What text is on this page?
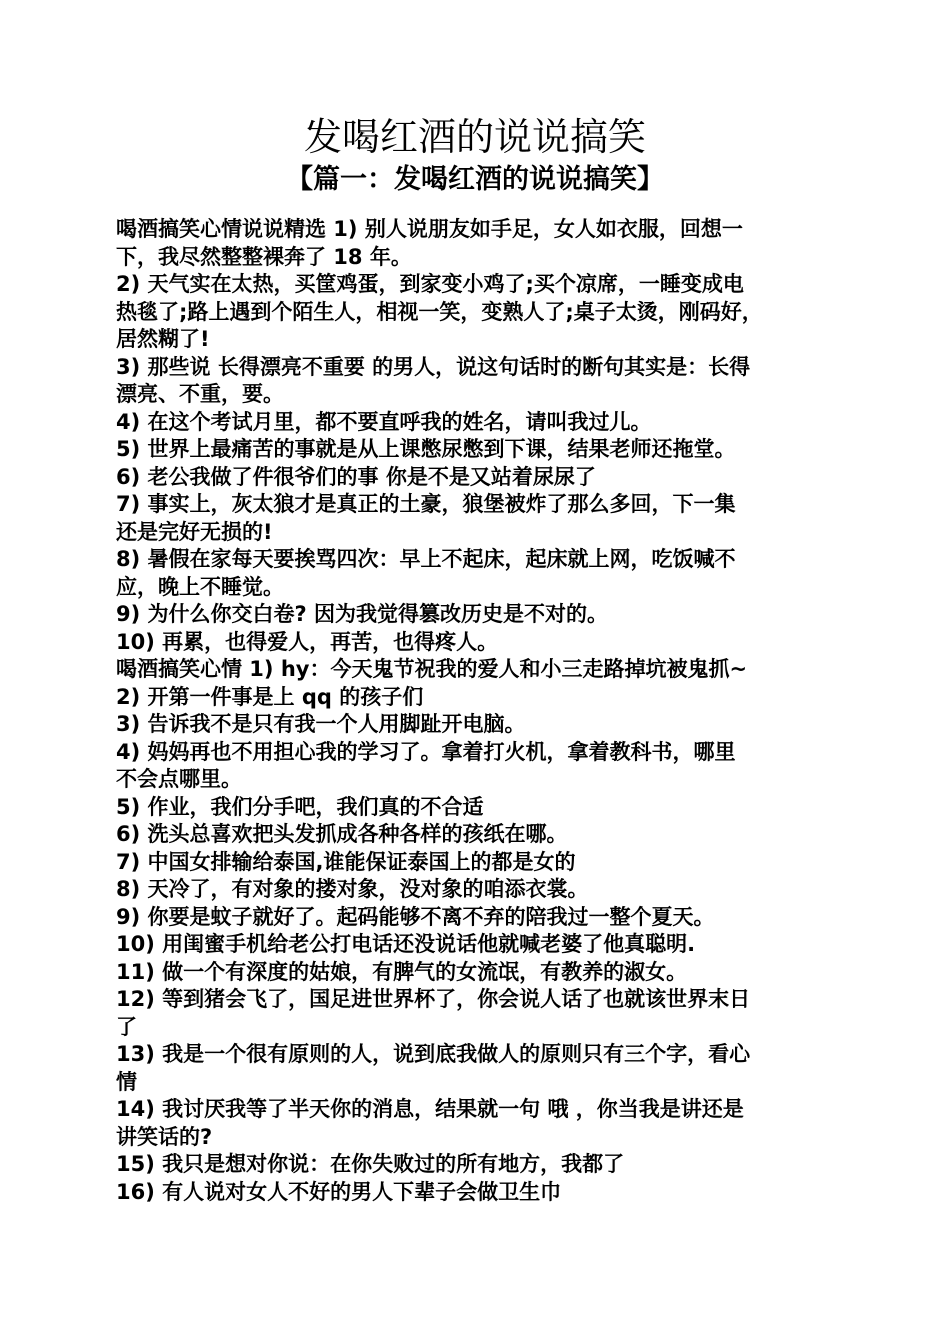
发喝红酒的说说搞笑
【篇一：发喝红酒的说说搞笑】
喝酒搞笑心情说说精选 1) 别人说朋友如手足，女人如衣服，回想一
下，我尽然整整裸奔了 18 年。
2) 天气实在太热，买筐鸡蛋，到家变小鸡了;买个凉席，一睡变成电
热毯了;路上遇到个陌生人，相视一笑，变熟人了;桌子太烫，刚码好，
居然糊了!
3) 那些说 长得漂亮不重要 的男人，说这句话时的断句其实是：长得
漂亮、不重，要。
4) 在这个考试月里，都不要直呼我的姓名，请叫我过儿。
5) 世界上最痛苦的事就是从上课憋尿憋到下课，结果老师还拖堂。
6) 老公我做了件很爷们的事 你是不是又站着尿尿了
7) 事实上，灰太狼才是真正的土豪，狼堡被炸了那么多回，下一集
还是完好无损的!
8) 暑假在家每天要挨骂四次：早上不起床，起床就上网，吃饭喊不
应，晚上不睡觉。
9) 为什么你交白卷? 因为我觉得篡改历史是不对的。
10) 再累，也得爱人，再苦，也得疼人。
喝酒搞笑心情 1) hy：今天鬼节祝我的爱人和小三走路掉坑被鬼抓~
2) 开第一件事是上 qq 的孩子们
3) 告诉我不是只有我一个人用脚趾开电脑。
4) 妈妈再也不用担心我的学习了。拿着打火机，拿着教科书，哪里
不会点哪里。
5) 作业，我们分手吧，我们真的不合适
6) 洗头总喜欢把头发抓成各种各样的孩纸在哪。
7) 中国女排输给泰国,谁能保证泰国上的都是女的
8) 天冷了，有对象的搂对象，没对象的咱添衣裳。
9) 你要是蚊子就好了。起码能够不离不弃的陪我过一整个夏天。
10) 用闺蜜手机给老公打电话还没说话他就喊老婆了他真聪明.
11) 做一个有深度的姑娘，有脾气的女流氓，有教养的淑女。
12) 等到猪会飞了，国足进世界杯了，你会说人话了也就该世界末日
了
13) 我是一个很有原则的人，说到底我做人的原则只有三个字，看心
情
14) 我讨厌我等了半天你的消息，结果就一句 哦 ，你当我是讲还是
讲笑话的?
15) 我只是想对你说：在你失败过的所有地方，我都了
16) 有人说对女人不好的男人下辈子会做卫生巾
